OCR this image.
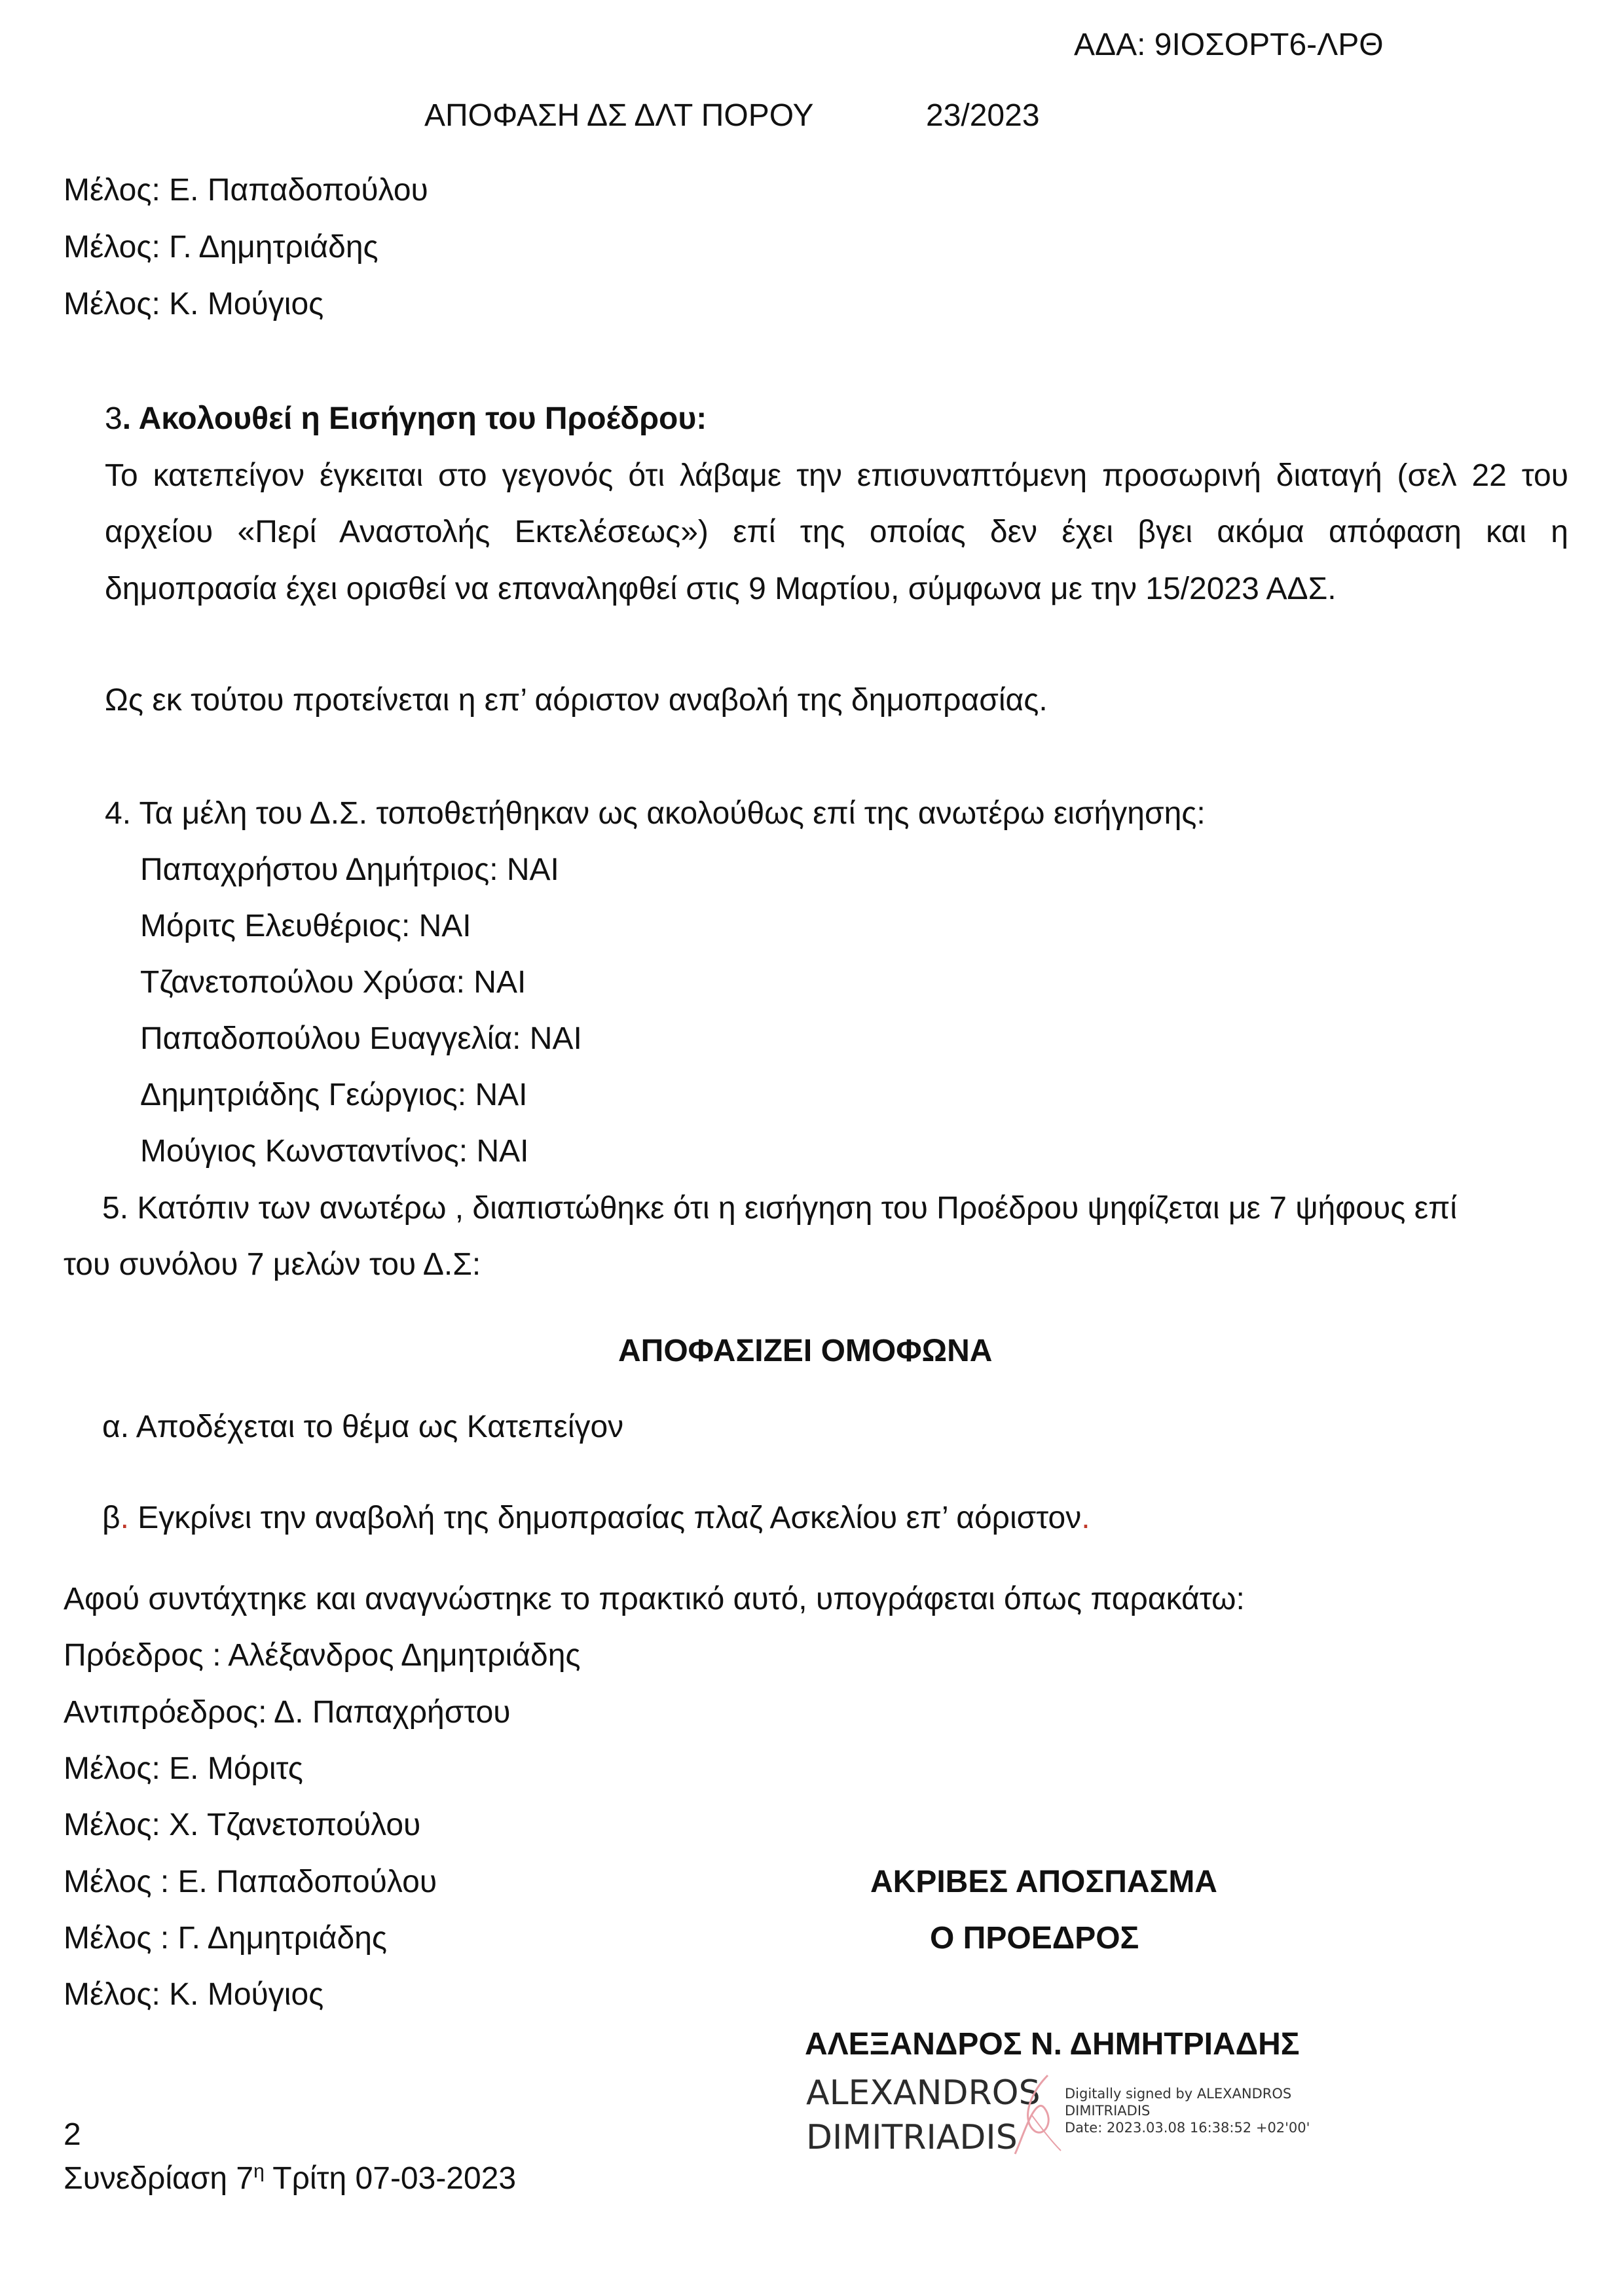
ΑΔΑ: 9ΙΟΣΟΡΤ6-ΛΡΘ
ΑΠΟΦΑΣΗ ΔΣ ΔΛΤ ΠΟΡΟΥ	23/2023
Μέλος: Ε. Παπαδοπούλου
Μέλος: Γ. Δημητριάδης
Μέλος: Κ. Μούγιος
3. Ακολουθεί η Εισήγηση του Προέδρου:
Το κατεπείγον έγκειται στο γεγονός ότι λάβαμε την επισυναπτόμενη προσωρινή διαταγή (σελ 22 του
αρχείου «Περί Αναστολής Εκτελέσεως») επί της οποίας δεν έχει βγει ακόμα απόφαση και η
δημοπρασία έχει ορισθεί να επαναληφθεί στις 9 Μαρτίου, σύμφωνα με την 15/2023 ΑΔΣ.
Ως εκ τούτου προτείνεται η επ’ αόριστον αναβολή της δημοπρασίας.
4. Τα μέλη του Δ.Σ. τοποθετήθηκαν ως ακολούθως επί της ανωτέρω εισήγησης:
Παπαχρήστου Δημήτριος: ΝΑΙ
Μόριτς Ελευθέριος: ΝΑΙ
Τζανετοπούλου Χρύσα: ΝΑΙ
Παπαδοπούλου Ευαγγελία: ΝΑΙ
Δημητριάδης Γεώργιος: ΝΑΙ
Μούγιος Κωνσταντίνος: ΝΑΙ
5. Κατόπιν των ανωτέρω , διαπιστώθηκε ότι η εισήγηση του Προέδρου ψηφίζεται με 7 ψήφους επί
του συνόλου 7 μελών του Δ.Σ:
ΑΠΟΦΑΣΙΖΕΙ ΟΜΟΦΩΝΑ
α. Αποδέχεται το θέμα ως Κατεπείγον
β. Εγκρίνει την αναβολή της δημοπρασίας πλαζ Ασκελίου επ’ αόριστον.
Αφού συντάχτηκε και αναγνώστηκε το πρακτικό αυτό, υπογράφεται όπως παρακάτω:
Πρόεδρος : Αλέξανδρος Δημητριάδης
Αντιπρόεδρος: Δ. Παπαχρήστου
Μέλος: Ε. Μόριτς
Μέλος: Χ. Τζανετοπούλου
Μέλος : Ε. Παπαδοπούλου
Μέλος : Γ. Δημητριάδης
Μέλος: Κ. Μούγιος
ΑΚΡΙΒΕΣ ΑΠΟΣΠΑΣΜΑ
Ο ΠΡΟΕΔΡΟΣ
ΑΛΕΞΑΝΔΡΟΣ Ν. ΔΗΜΗΤΡΙΑΔΗΣ
ALEXANDROS
DIMITRIADIS
Digitally signed by ALEXANDROS
DIMITRIADIS
Date: 2023.03.08 16:38:52 +02'00'
2
Συνεδρίαση $7^\eta$ Τρίτη 07-03-2023
